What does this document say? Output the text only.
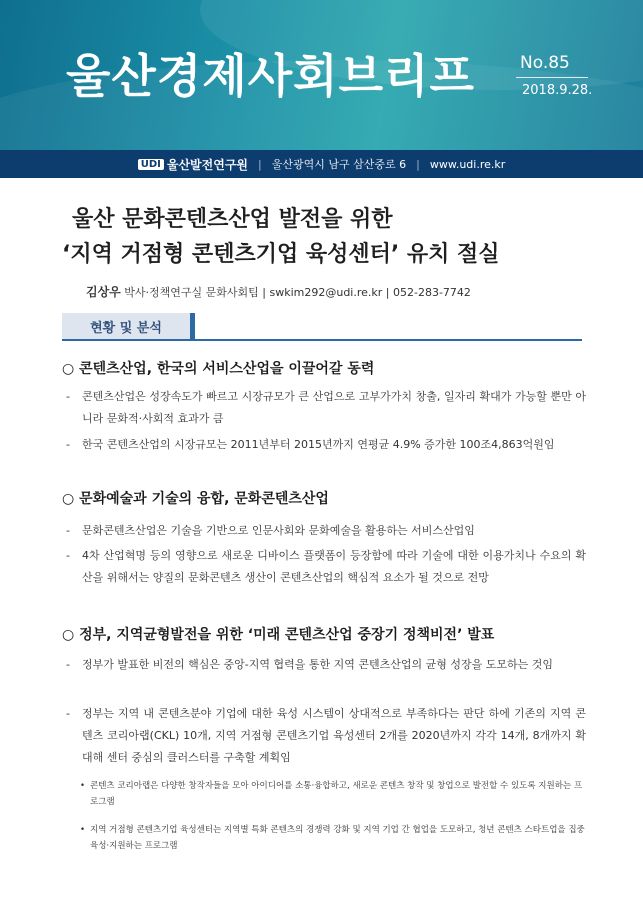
울산경제사회브리프	No.85
2018.9.28.
UDI 울산발전연구원 | 울산광역시 남구 삼산중로 6 | www.udi.re.kr
울산 문화콘텐츠산업 발전을 위한
‘지역 거점형 콘텐츠기업 육성센터’ 유치 절실
김상우 박사·정책연구실 문화사회팀 | swkim292@udi.re.kr | 052-283-7742
현황 및 분석
○ 콘텐츠산업, 한국의 서비스산업을 이끌어갈 동력
-	콘텐츠산업은 성장속도가 빠르고 시장규모가 큰 산업으로 고부가가치 창출, 일자리 확대가 가능할 뿐만 아니라 문화적·사회적 효과가 큼
-	한국 콘텐츠산업의 시장규모는 2011년부터 2015년까지 연평균 4.9% 증가한 100조4,863억원임
○ 문화예술과 기술의 융합, 문화콘텐츠산업
-	문화콘텐츠산업은 기술을 기반으로 인문사회와 문화예술을 활용하는 서비스산업임
-	4차 산업혁명 등의 영향으로 새로운 디바이스 플랫폼이 등장함에 따라 기술에 대한 이용가치나 수요의 확산을 위해서는 양질의 문화콘텐츠 생산이 콘텐츠산업의 핵심적 요소가 될 것으로 전망
○ 정부, 지역균형발전을 위한 ‘미래 콘텐츠산업 중장기 정책비전’ 발표
-	정부가 발표한 비전의 핵심은 중앙-지역 협력을 통한 지역 콘텐츠산업의 균형 성장을 도모하는 것임
-	정부는 지역 내 콘텐츠분야 기업에 대한 육성 시스템이 상대적으로 부족하다는 판단 하에 기존의 지역 콘텐츠 코리아랩(CKL) 10개, 지역 거점형 콘텐츠기업 육성센터 2개를 2020년까지 각각 14개, 8개까지 확대해 센터 중심의 클러스터를 구축할 계획임
• 콘텐츠 코리아랩은 다양한 창작자들을 모아 아이디어를 소통·융합하고, 새로운 콘텐츠 창작 및 창업으로 발전할 수 있도록 지원하는 프로그램
• 지역 거점형 콘텐츠기업 육성센터는 지역별 특화 콘텐츠의 경쟁력 강화 및 지역 기업 간 협업을 도모하고, 청년 콘텐츠 스타트업을 집중 육성·지원하는 프로그램
